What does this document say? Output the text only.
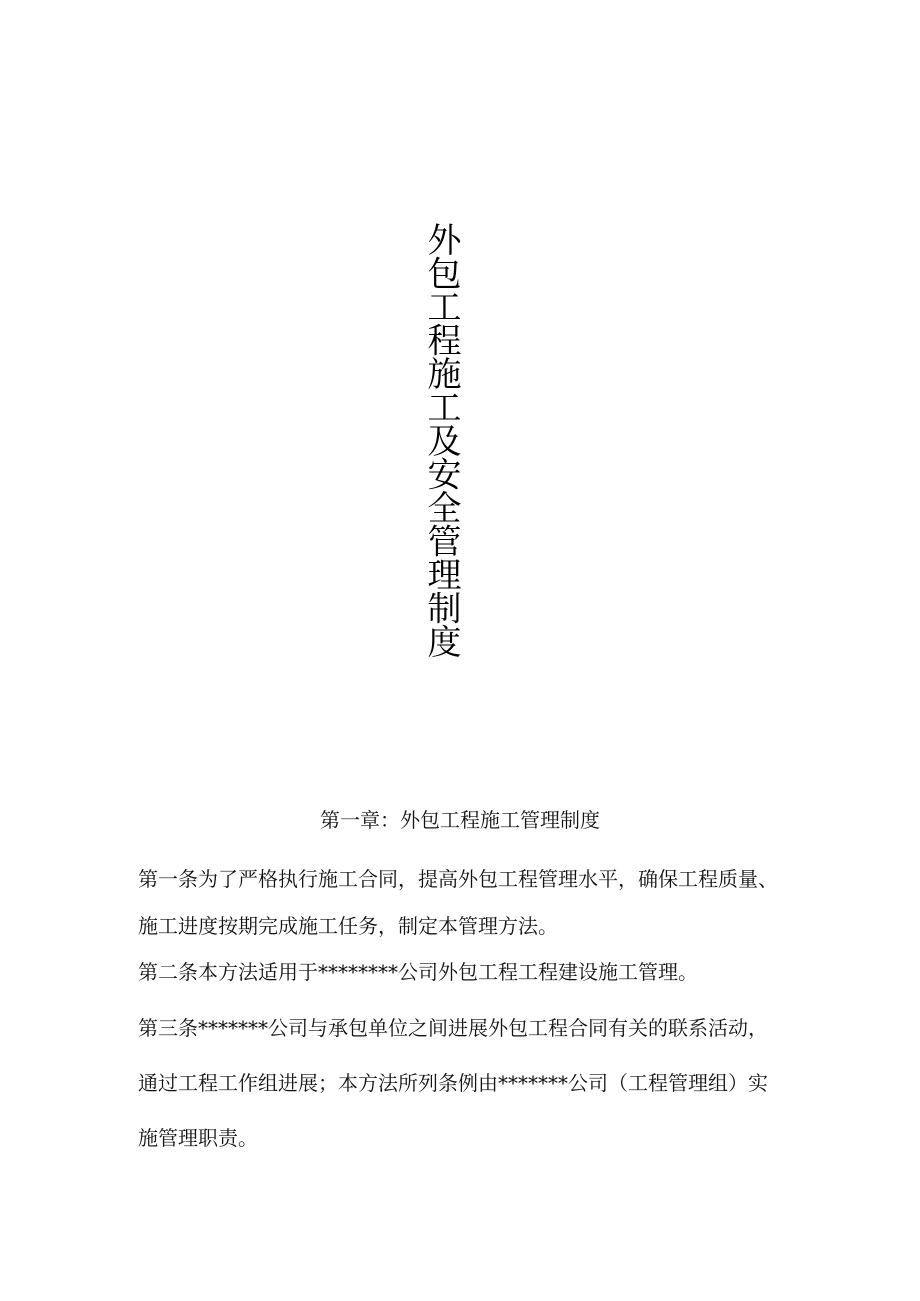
外包工程施工及安全管理制度
第一章：外包工程施工管理制度
第一条为了严格执行施工合同，提高外包工程管理水平，确保工程质量、
施工进度按期完成施工任务，制定本管理方法。
第二条本方法适用于********公司外包工程工程建设施工管理。
第三条*******公司与承包单位之间进展外包工程合同有关的联系活动，
通过工程工作组进展；本方法所列条例由*******公司（工程管理组）实
施管理职责。
